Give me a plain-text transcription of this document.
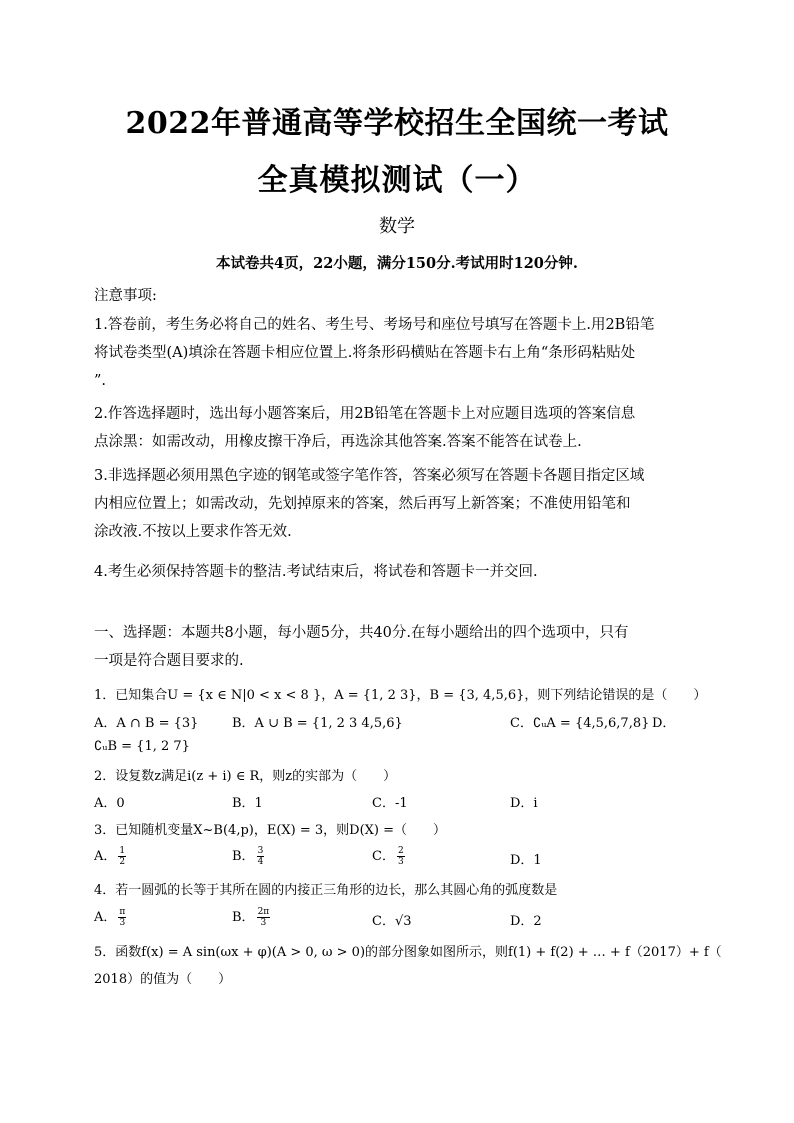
2022年普通高等学校招生全国统一考试
全真模拟测试（一）
数学
本试卷共4页，22小题，满分150分.考试用时120分钟.
注意事项:
1.答卷前，考生务必将自己的姓名、考生号、考场号和座位号填写在答题卡上.用2B铅笔
将试卷类型(A)填涂在答题卡相应位置上.将条形码横贴在答题卡右上角“条形码粘贴处
”.
2.作答选择题时，选出每小题答案后，用2B铅笔在答题卡上对应题目选项的答案信息
点涂黑：如需改动，用橡皮擦干净后，再选涂其他答案.答案不能答在试卷上.
3.非选择题必须用黑色字迹的钢笔或签字笔作答，答案必须写在答题卡各题目指定区域
内相应位置上；如需改动，先划掉原来的答案，然后再写上新答案；不准使用铅笔和
涂改液.不按以上要求作答无效.
4.考生必须保持答题卡的整洁.考试结束后，将试卷和答题卡一并交回.
一、选择题：本题共8小题，每小题5分，共40分.在每小题给出的四个选项中，只有
一项是符合题目要求的.
1．已知集合U = {x ∈ N|0 < x < 8 }，A = {1, 2 3}，B = {3, 4,5,6}，则下列结论错误的是（　　）
A．A ∩ B = {3}	B．A ∪ B = {1, 2 3 4,5,6}	C．∁ᵤA = {4,5,6,7,8} D．
∁ᵤB = {1, 2 7}
2．设复数z满足i(z + i) ∈ R，则z的实部为（　　）
A．0	B．1	C．-1	D．i
3．已知随机变量X~B(4,p)，E(X) = 3，则D(X) =（　　）
A． $\frac{1}{2}$	B． $\frac{3}{4}$	C． $\frac{2}{3}$	D．1
4．若一圆弧的长等于其所在圆的内接正三角形的边长，那么其圆心角的弧度数是
A． $\frac{\pi}{3}$	B． $\frac{2\pi}{3}$	C．√3	D．2
5．函数f(x) = A sin(ωx + φ)(A > 0, ω > 0)的部分图象如图所示，则f(1) + f(2) + … + f（2017）+ f（
2018）的值为（　　）
